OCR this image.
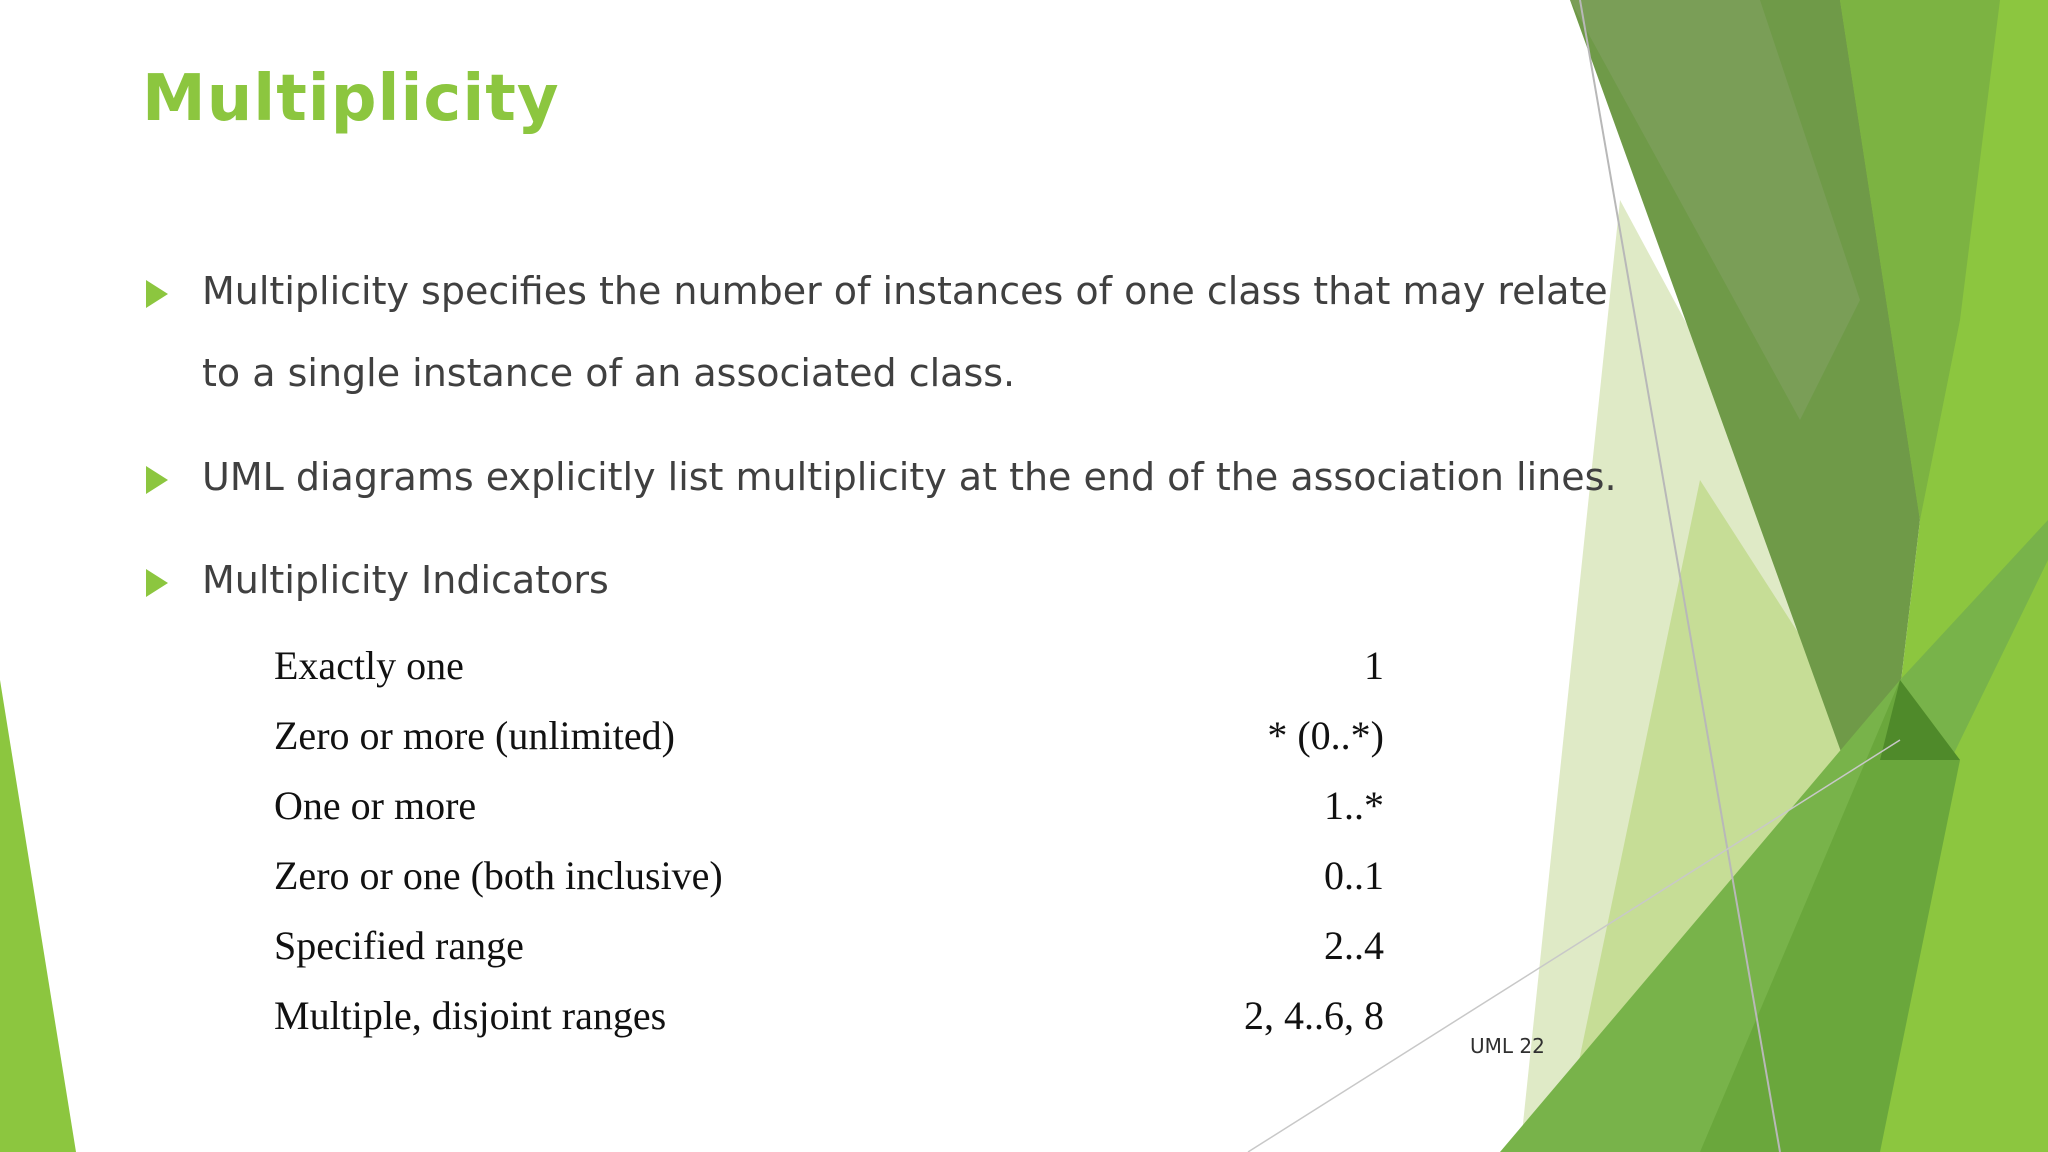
Multiplicity
Multiplicity specifies the number of instances of one class that may relate
to a single instance of an associated class.
UML diagrams explicitly list multiplicity at the end of the association lines.
Multiplicity Indicators
Exactly one	1
Zero or more (unlimited)	* (0..*)
One or more	1..*
Zero or one (both inclusive)	0..1
Specified range	2..4
Multiple, disjoint ranges	2, 4..6, 8
UML 22
